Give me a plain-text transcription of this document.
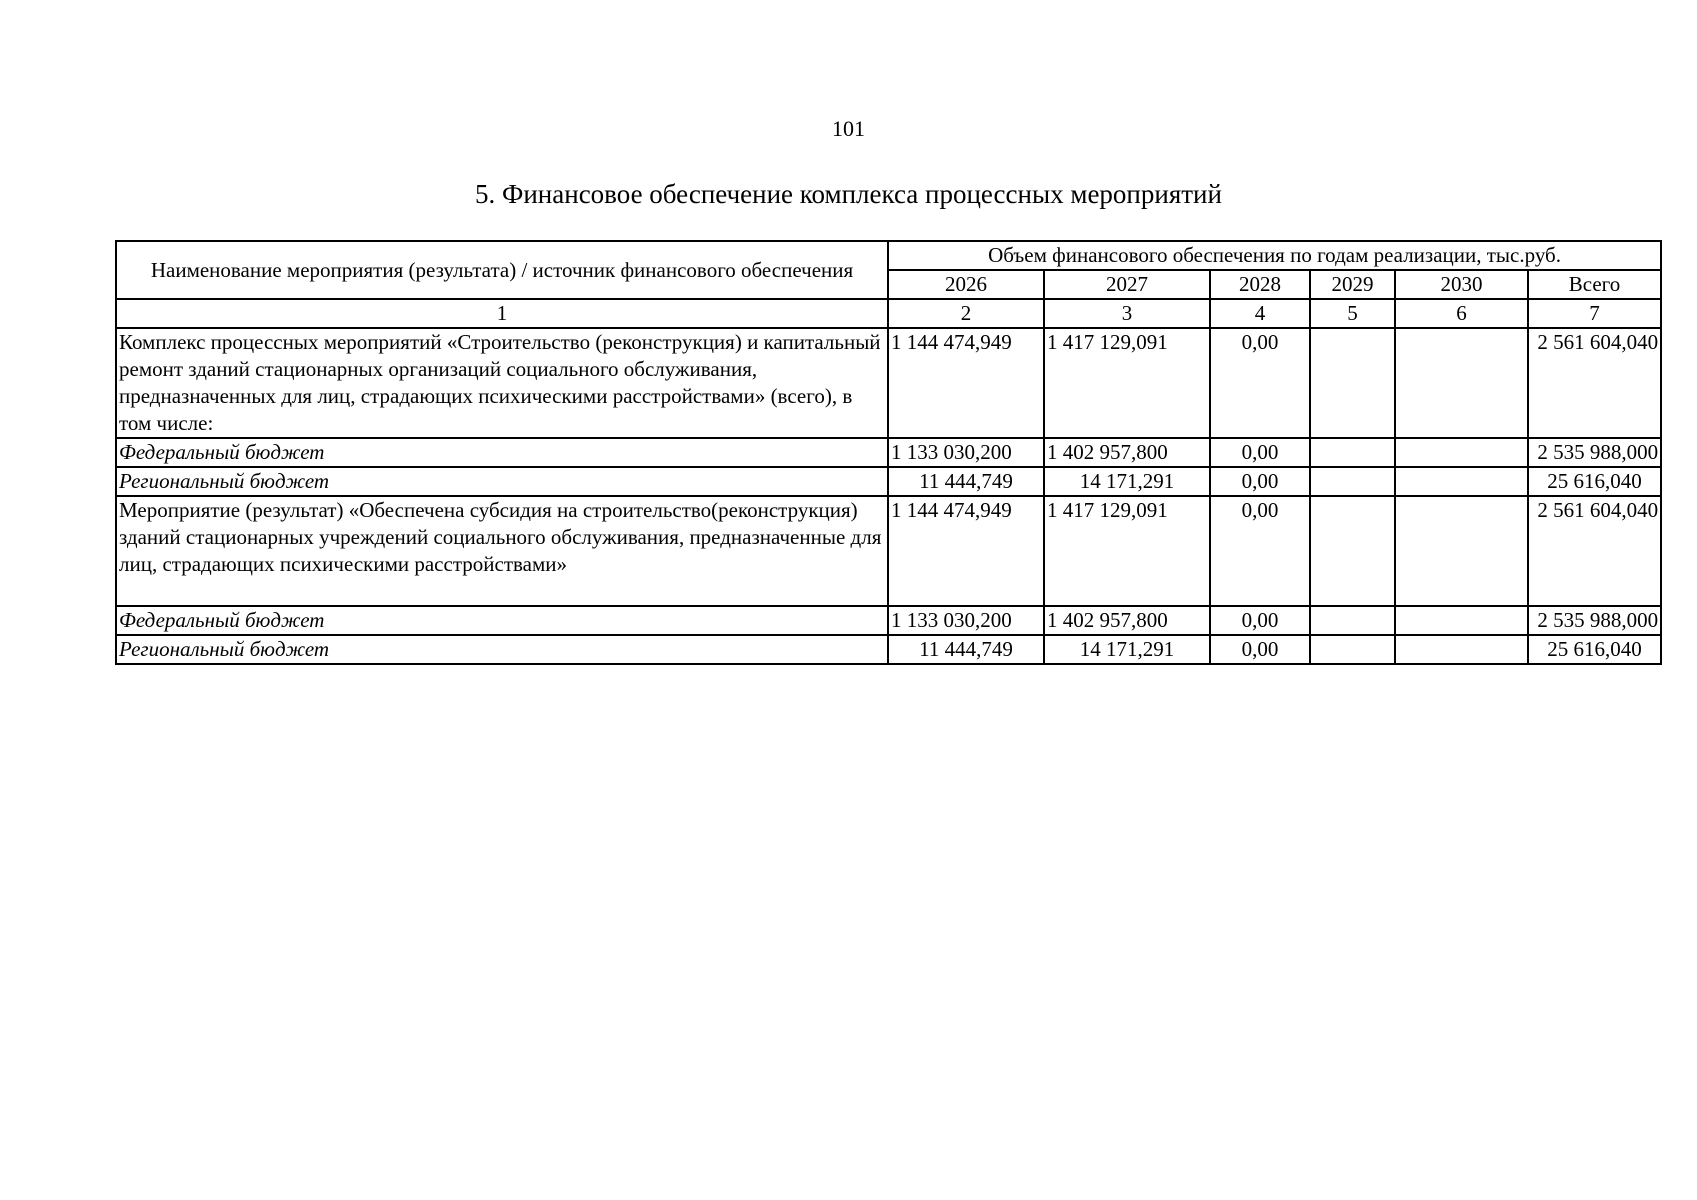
101
5. Финансовое обеспечение комплекса процессных мероприятий
Наименование мероприятия (результата) / источник финансового обеспечения	Объем финансового обеспечения по годам реализации, тыс.руб.					
	2026	2027	2028	2029	2030	Всего
1	2	3	4	5	6	7
Комплекс процессных мероприятий «Строительство (реконструкция) и капитальный ремонт зданий стационарных организаций социального обслуживания, предназначенных для лиц, страдающих психическими расстройствами» (всего), в том числе:	1 144 474,949	1 417 129,091	0,00			2 561 604,040
Федеральный бюджет	1 133 030,200	1 402 957,800	0,00			2 535 988,000
Региональный бюджет	11 444,749	14 171,291	0,00			25 616,040
Мероприятие (результат) «Обеспечена субсидия на строительство(реконструкция) зданий стационарных учреждений социального обслуживания, предназначенные для лиц, страдающих психическими расстройствами»	1 144 474,949	1 417 129,091	0,00			2 561 604,040
Федеральный бюджет	1 133 030,200	1 402 957,800	0,00			2 535 988,000
Региональный бюджет	11 444,749	14 171,291	0,00			25 616,040
